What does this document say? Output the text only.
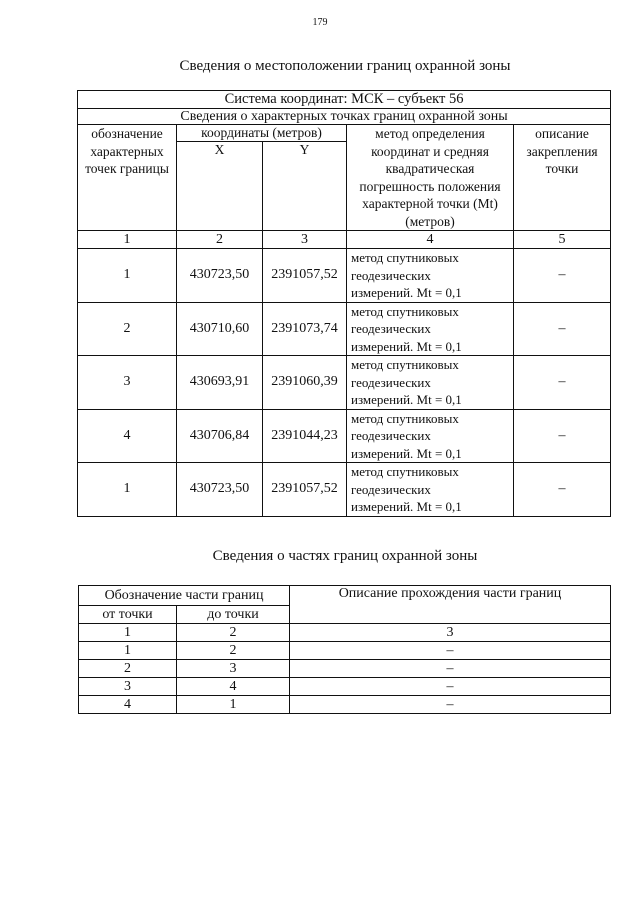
179
Сведения о местоположении границ охранной зоны
Система координат: МСК – субъект 56				
Сведения о характерных точках границ охранной зоны				
обозначение характерных точек границы	координаты (метров)		метод определения координат и средняя квадратическая погрешность положения характерной точки (Mt) (метров)	описание закрепления точки
	X	Y		
1	2	3	4	5
1	430723,50	2391057,52	метод спутниковых
геодезических
измерений. Mt = 0,1	–
2	430710,60	2391073,74	метод спутниковых
геодезических
измерений. Mt = 0,1	–
3	430693,91	2391060,39	метод спутниковых
геодезических
измерений. Mt = 0,1	–
4	430706,84	2391044,23	метод спутниковых
геодезических
измерений. Mt = 0,1	–
1	430723,50	2391057,52	метод спутниковых
геодезических
измерений. Mt = 0,1	–
Сведения о частях границ охранной зоны
Обозначение части границ		Описание прохождения части границ
от точки	до точки	
1	2	3
1	2	–
2	3	–
3	4	–
4	1	–
